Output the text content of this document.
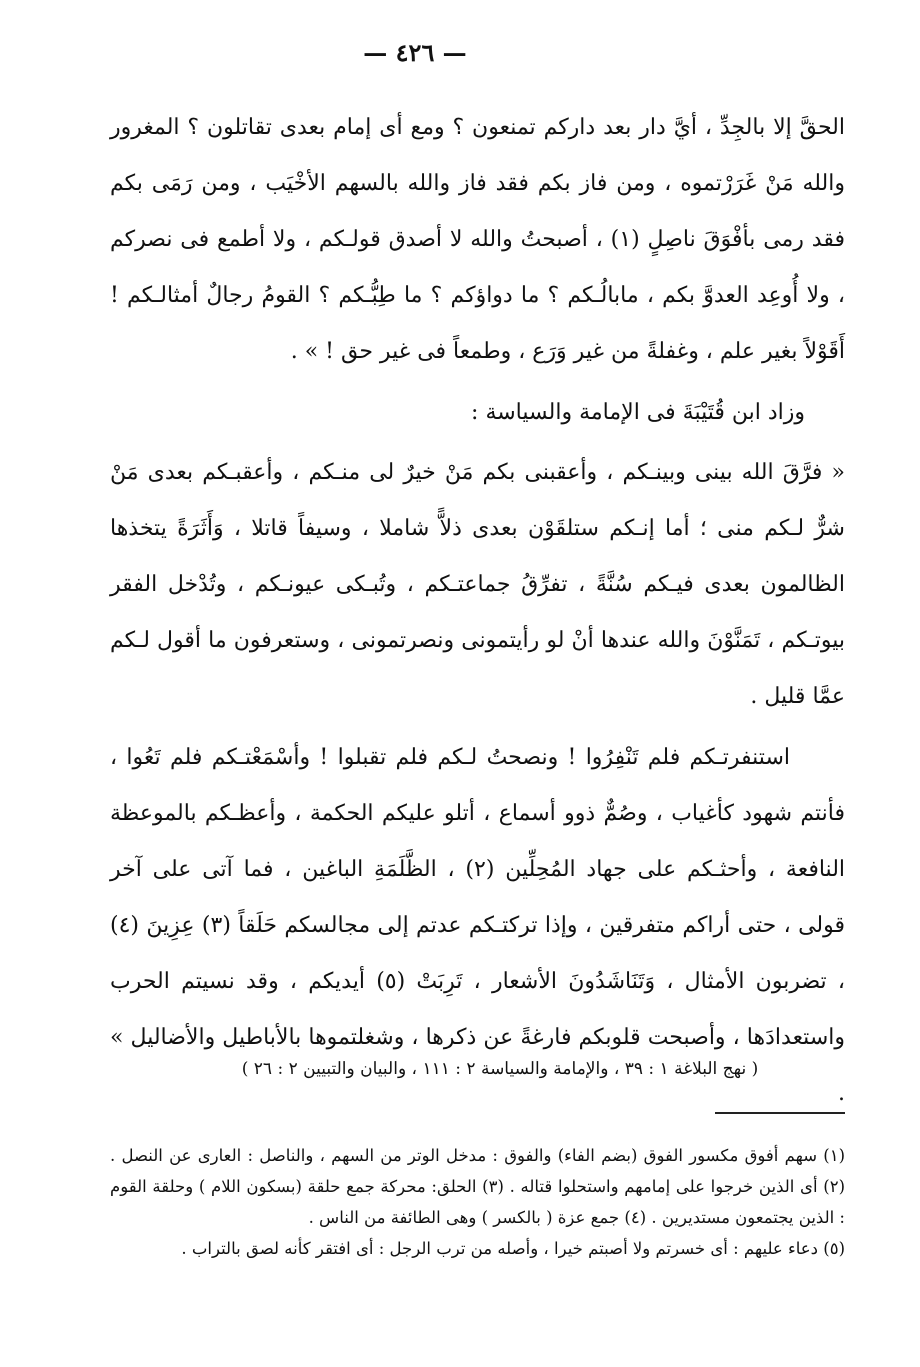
— ٤٢٦ —
الحقَّ إلا بالجِدِّ ، أيَّ دار بعد داركم تمنعون ؟ ومع أى إمام بعدى تقاتلون ؟ المغرور والله مَنْ غَرَرْتموه ، ومن فاز بكم فقد فاز والله بالسهم الأخْيَب ، ومن رَمَى بكم فقد رمى بأفْوَقَ ناصِلٍ (١) ، أصبحتُ والله لا أصدق قولـكم ، ولا أطمع فى نصركم ، ولا أُوعِد العدوَّ بكم ، مابالُـكم ؟ ما دواؤكم ؟ ما طِبُّـكم ؟ القومُ رجالٌ أمثالـكم ! أَقَوْلاً بغير علم ، وغفلةً من غير وَرَع ، وطمعاً فى غير حق ! » .
وزاد ابن قُتَيْبَةَ فى الإمامة والسياسة :
« فرَّقَ الله بينى وبينـكم ، وأعقبنى بكم مَنْ خيرٌ لى منـكم ، وأعقبـكم بعدى مَنْ شرٌّ لـكم منى ؛ أما إنـكم ستلقَوْن بعدى ذلاًّ شاملا ، وسيفاً قاتلا ، وَأَثَرَةً يتخذها الظالمون بعدى فيـكم سُنَّةً ، تفرِّقُ جماعتـكم ، وتُبـكى عيونـكم ، وتُدْخل الفقر بيوتـكم ، تَمَنَّوْنَ والله عندها أنْ لو رأيتمونى ونصرتمونى ، وستعرفون ما أقول لـكم عمَّا قليل .
استنفرتـكم فلم تَنْفِرُوا ! ونصحتُ لـكم فلم تقبلوا ! وأسْمَعْتـكم فلم تَعُوا ، فأنتم شهود كأغياب ، وصُمٌّ ذوو أسماع ، أتلو عليكم الحكمة ، وأعظـكم بالموعظة النافعة ، وأحثـكم على جهاد المُحِلِّين (٢) ، الظَّلَمَةِ الباغين ، فما آتى على آخر قولى ، حتى أراكم متفرقين ، وإذا تركتـكم عدتم إلى مجالسكم حَلَقاً (٣) عِزِينَ (٤) ، تضربون الأمثال ، وَتَنَاشَدُونَ الأشعار ، تَرِبَتْ (٥) أيديكم ، وقد نسيتم الحرب واستعدادَها ، وأصبحت قلوبكم فارغةً عن ذكرها ، وشغلتموها بالأباطيل والأضاليل » .
( نهج البلاغة ١ : ٣٩ ، والإمامة والسياسة ٢ : ١١١ ، والبيان والتبيين ٢ : ٢٦ )

(١) سهم أفوق مكسور الفوق (بضم الفاء) والفوق : مدخل الوتر من السهم ، والناصل : العارى عن النصل . (٢) أى الذين خرجوا على إمامهم واستحلوا قتاله . (٣) الحلق: محركة جمع حلقة (بسكون اللام ) وحلقة القوم : الذين يجتمعون مستديرين . (٤) جمع عزة ( بالكسر ) وهى الطائفة من الناس .

(٥) دعاء عليهم : أى خسرتم ولا أصبتم خيرا ، وأصله من ترب الرجل : أى افتقر كأنه لصق بالتراب .
